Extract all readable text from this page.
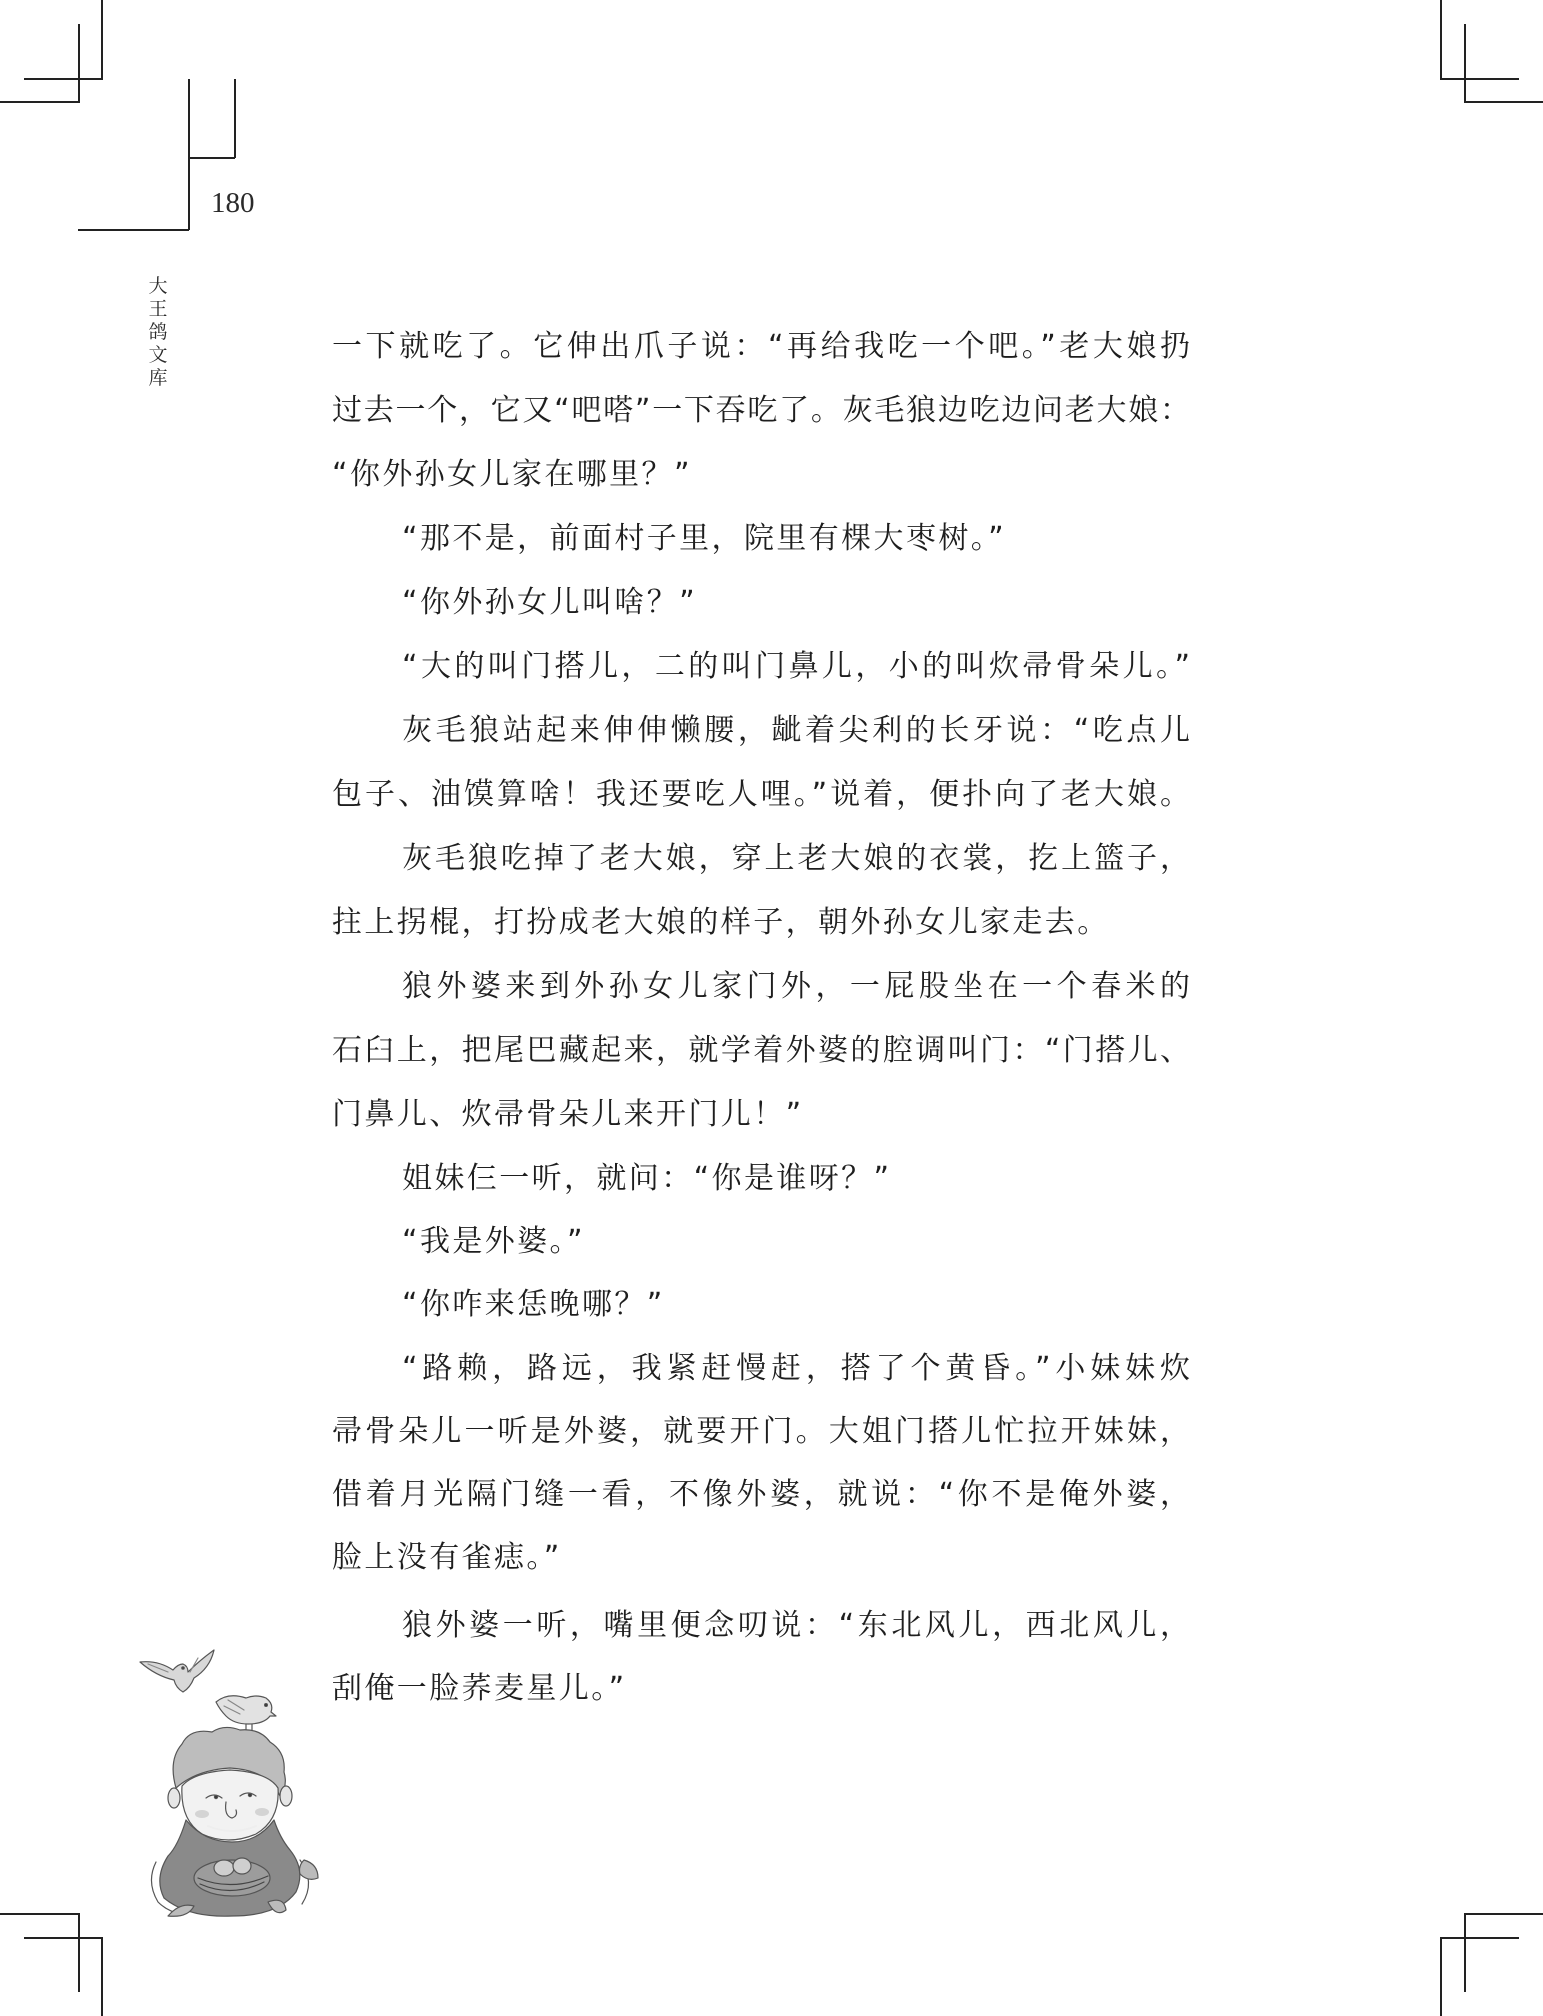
180
大王鸽文库
一下就吃了。它伸出爪子说：“再给我吃一个吧。”老大娘扔
过去一个，它又“吧嗒”一下吞吃了。灰毛狼边吃边问老大娘：
“你外孙女儿家在哪里？”
“那不是，前面村子里，院里有棵大枣树。”
“你外孙女儿叫啥？”
“大的叫门搭儿，二的叫门鼻儿，小的叫炊帚骨朵儿。”
灰毛狼站起来伸伸懒腰，龇着尖利的长牙说：“吃点儿
包子、油馍算啥！我还要吃人哩。”说着，便扑向了老大娘。
灰毛狼吃掉了老大娘，穿上老大娘的衣裳，扢上篮子，
拄上拐棍，打扮成老大娘的样子，朝外孙女儿家走去。
狼外婆来到外孙女儿家门外，一屁股坐在一个春米的
石臼上，把尾巴藏起来，就学着外婆的腔调叫门：“门搭儿、
门鼻儿、炊帚骨朵儿来开门儿！”
姐妹仨一听，就问：“你是谁呀？”
“我是外婆。”
“你咋来恁晚哪？”
“路赖，路远，我紧赶慢赶，搭了个黄昏。”小妹妹炊
帚骨朵儿一听是外婆，就要开门。大姐门搭儿忙拉开妹妹，
借着月光隔门缝一看，不像外婆，就说：“你不是俺外婆，
脸上没有雀痣。”
狼外婆一听，嘴里便念叨说：“东北风儿，西北风儿，
刮俺一脸荞麦星儿。”
